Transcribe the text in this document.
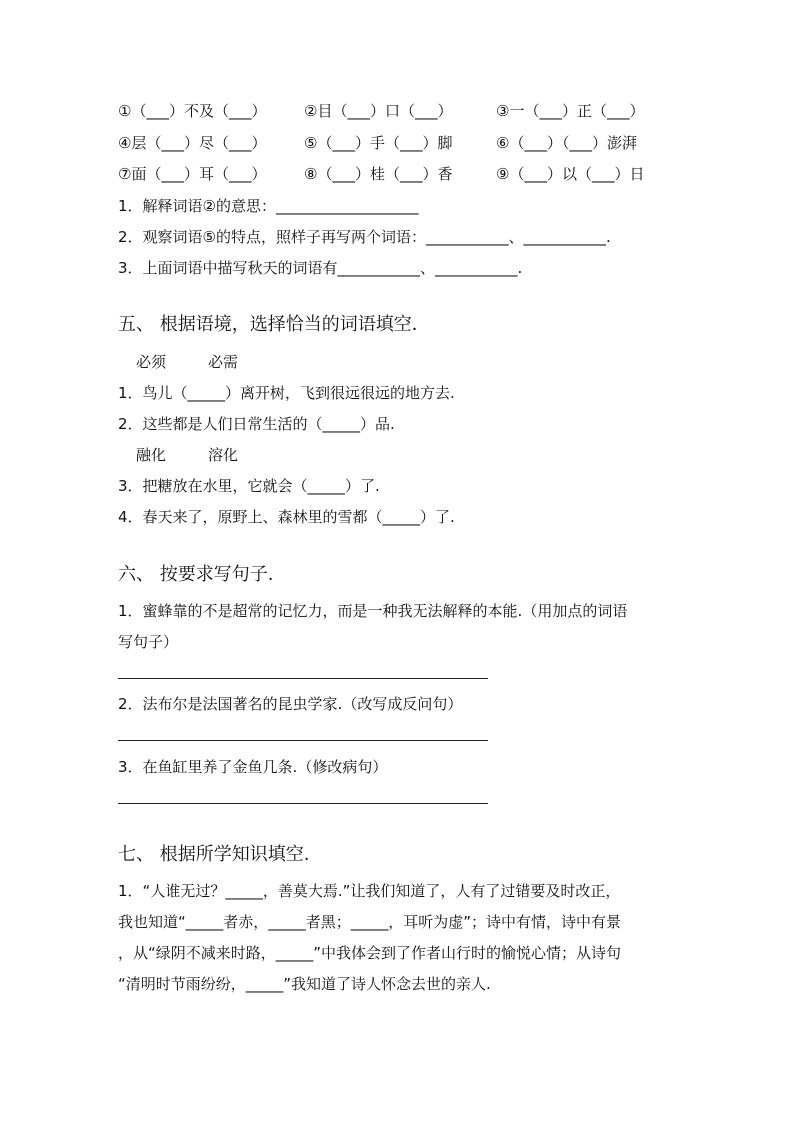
①（___）不及（___）	②目（___）口（___）	③一（___）正（___）
④层（___）尽（___）	⑤（___）手（___）脚	⑥（___）（___）澎湃
⑦面（___）耳（___）	⑧（___）桂（___）香	⑨（___）以（___）日
1．解释词语②的意思：___________________
2．观察词语⑤的特点，照样子再写两个词语：___________、___________.
3．上面词语中描写秋天的词语有___________、___________.
五、 根据语境，选择恰当的词语填空．
必须	必需
1．鸟儿（_____）离开树，飞到很远很远的地方去.
2．这些都是人们日常生活的（_____）品.
融化	溶化
3．把糖放在水里，它就会（_____）了.
4．春天来了，原野上、森林里的雪都（_____）了.
六、 按要求写句子.
1．蜜蜂靠的不是超常的记忆力，而是一种我无法解释的本能.（用加点的词语
写句子）
2．法布尔是法国著名的昆虫学家.（改写成反问句）
3．在鱼缸里养了金鱼几条.（修改病句）
七、 根据所学知识填空.
1．“人谁无过？_____，善莫大焉.”让我们知道了，人有了过错要及时改正，
我也知道“_____者赤，_____者黑；_____，耳听为虚”；诗中有情，诗中有景
，从“绿阴不减来时路，_____”中我体会到了作者山行时的愉悦心情；从诗句
“清明时节雨纷纷，_____”我知道了诗人怀念去世的亲人.
